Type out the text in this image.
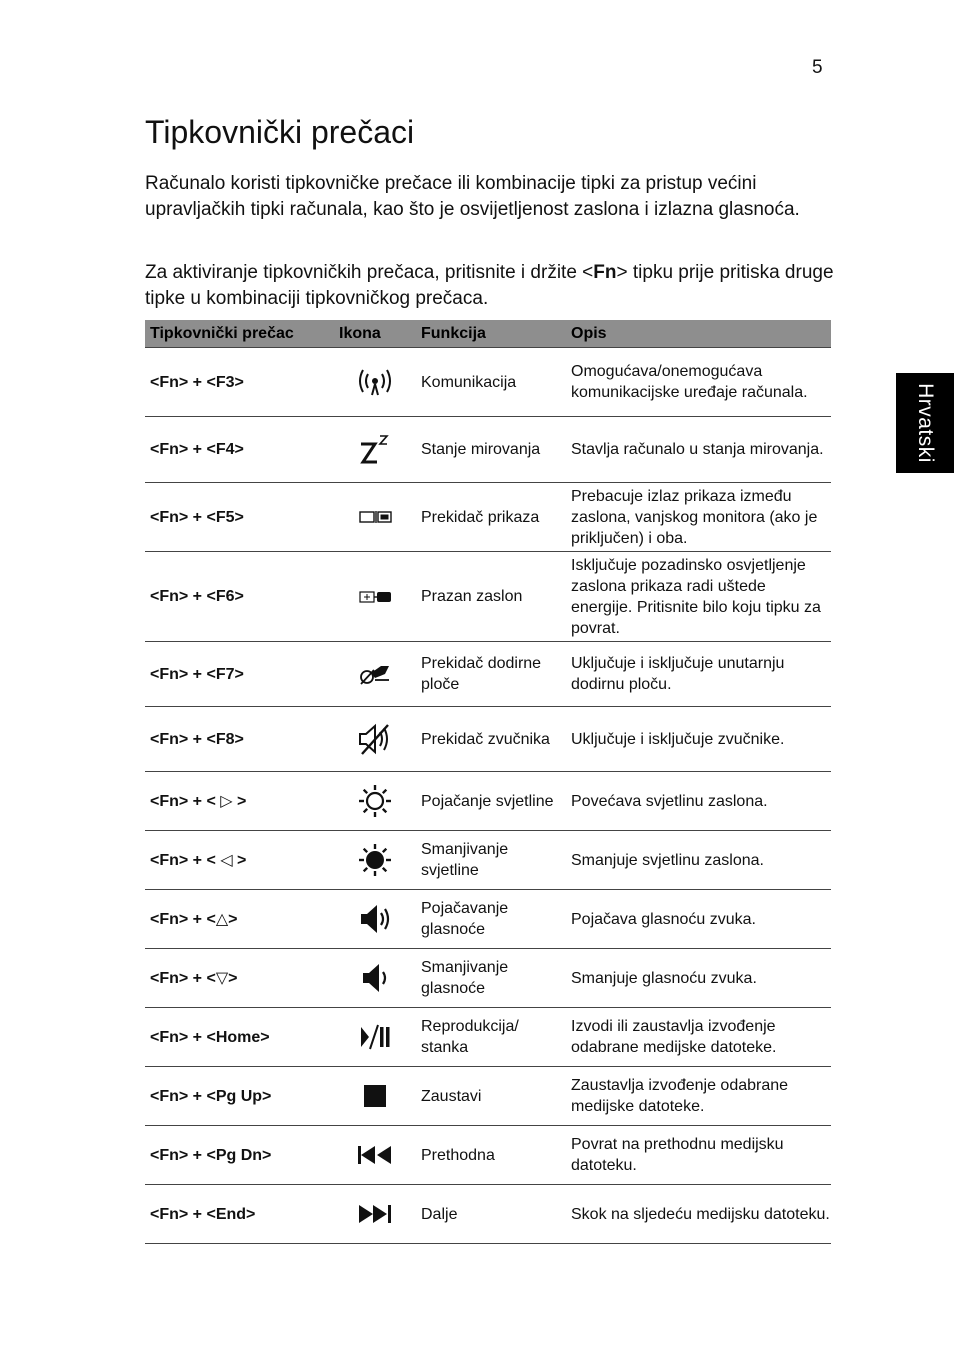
5
Hrvatski
Tipkovnički prečaci

Računalo koristi tipkovničke prečace ili kombinacije tipki za pristup većini upravljačkih tipki računala, kao što je osvijetljenost zaslona i izlazna glasnoća.

Za aktiviranje tipkovničkih prečaca, pritisnite i držite <Fn> tipku prije pritiska druge tipke u kombinaciji tipkovničkog prečaca.

Tipkovnički prečac	Ikona	Funkcija	Opis
<Fn> + <F3>		Komunikacija	Omogućava/onemogućava komunikacijske uređaje računala.
<Fn> + <F4>		Stanje mirovanja	Stavlja računalo u stanja mirovanja.
<Fn> + <F5>		Prekidač prikaza	Prebacuje izlaz prikaza između zaslona, vanjskog monitora (ako je priključen) i oba.
<Fn> + <F6>		Prazan zaslon	Isključuje pozadinsko osvjetljenje zaslona prikaza radi uštede energije. Pritisnite bilo koju tipku za povrat.
<Fn> + <F7>		Prekidač dodirne ploče	Uključuje i isključuje unutarnju dodirnu ploču.
<Fn> + <F8>		Prekidač zvučnika	Uključuje i isključuje zvučnike.
<Fn> + < ▷ >		Pojačanje svjetline	Povećava svjetlinu zaslona.
<Fn> + < ◁ >		Smanjivanje svjetline	Smanjuje svjetlinu zaslona.
<Fn> + <△>		Pojačavanje glasnoće	Pojačava glasnoću zvuka.
<Fn> + <▽>		Smanjivanje glasnoće	Smanjuje glasnoću zvuka.
<Fn> + <Home>		Reprodukcija/ stanka	Izvodi ili zaustavlja izvođenje odabrane medijske datoteke.
<Fn> + <Pg Up>		Zaustavi	Zaustavlja izvođenje odabrane medijske datoteke.
<Fn> + <Pg Dn>		Prethodna	Povrat na prethodnu medijsku datoteku.
<Fn> + <End>		Dalje	Skok na sljedeću medijsku datoteku.
